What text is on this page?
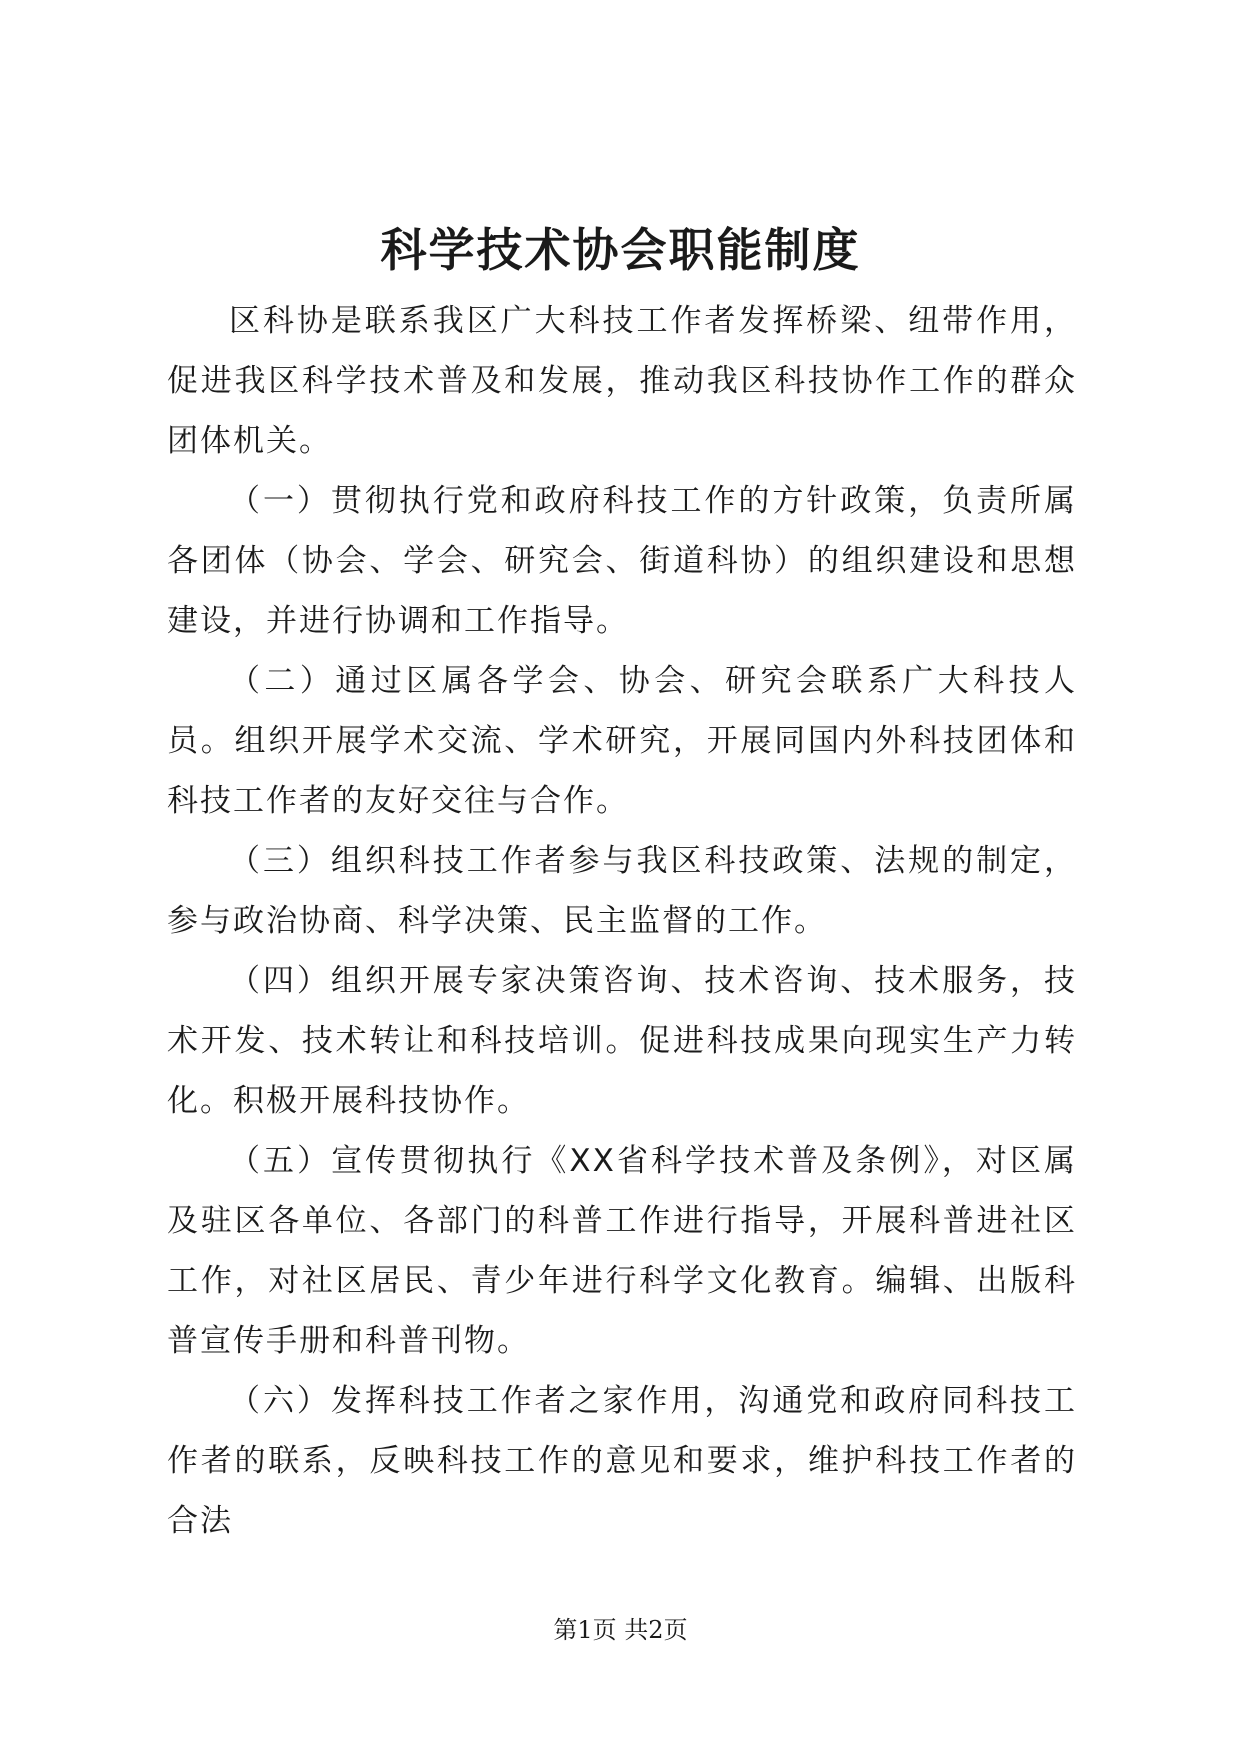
科学技术协会职能制度

区科协是联系我区广大科技工作者发挥桥梁、纽带作用，促进我区科学技术普及和发展，推动我区科技协作工作的群众团体机关。

（一）贯彻执行党和政府科技工作的方针政策，负责所属各团体（协会、学会、研究会、街道科协）的组织建设和思想建设，并进行协调和工作指导。

（二）通过区属各学会、协会、研究会联系广大科技人员。组织开展学术交流、学术研究，开展同国内外科技团体和科技工作者的友好交往与合作。

（三）组织科技工作者参与我区科技政策、法规的制定，参与政治协商、科学决策、民主监督的工作。

（四）组织开展专家决策咨询、技术咨询、技术服务，技术开发、技术转让和科技培训。促进科技成果向现实生产力转化。积极开展科技协作。

（五）宣传贯彻执行《XX省科学技术普及条例》，对区属及驻区各单位、各部门的科普工作进行指导，开展科普进社区工作，对社区居民、青少年进行科学文化教育。编辑、出版科普宣传手册和科普刊物。

（六）发挥科技工作者之家作用，沟通党和政府同科技工作者的联系，反映科技工作的意见和要求，维护科技工作者的合法

第1页 共2页
